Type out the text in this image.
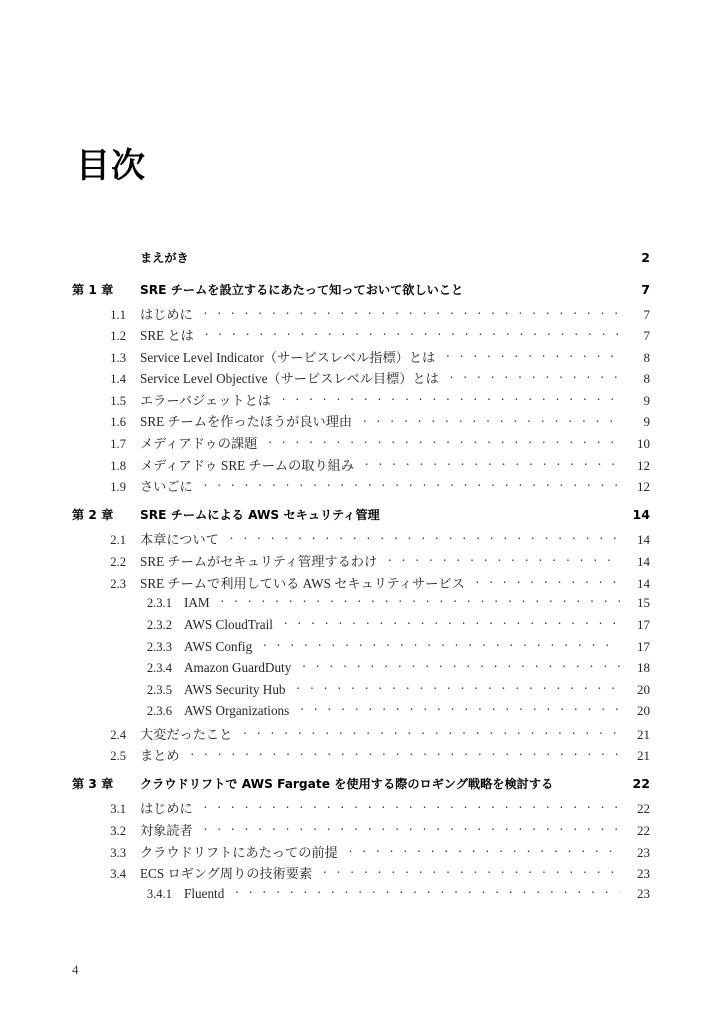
目次
まえがき	2
第 1 章	SRE チームを設立するにあたって知っておいて欲しいこと	7
1.1	はじめに . . .	7
1.2	SRE とは . . .	7
1.3	Service Level Indicator（サービスレベル指標）とは . . .	8
1.4	Service Level Objective（サービスレベル目標）とは . . .	8
1.5	エラーバジェットとは . . .	9
1.6	SRE チームを作ったほうが良い理由 . . .	9
1.7	メディアドゥの課題 . . .	10
1.8	メディアドゥ SRE チームの取り組み . . .	12
1.9	さいごに . . .	12
第 2 章	SRE チームによる AWS セキュリティ管理	14
2.1	本章について . . .	14
2.2	SRE チームがセキュリティ管理するわけ . . .	14
2.3	SRE チームで利用している AWS セキュリティサービス . . .	14
2.3.1 IAM . . .	15
2.3.2 AWS CloudTrail . . .	17
2.3.3 AWS Config . . .	17
2.3.4 Amazon GuardDuty . . .	18
2.3.5 AWS Security Hub . . .	20
2.3.6 AWS Organizations . . .	20
2.4	大変だったこと . . .	21
2.5	まとめ . . .	21
第 3 章	クラウドリフトで AWS Fargate を使用する際のロギング戦略を検討する	22
3.1	はじめに . . .	22
3.2	対象読者 . . .	22
3.3	クラウドリフトにあたっての前提 . . .	23
3.4	ECS ロギング周りの技術要素 . . .	23
3.4.1 Fluentd . . .	23
4
